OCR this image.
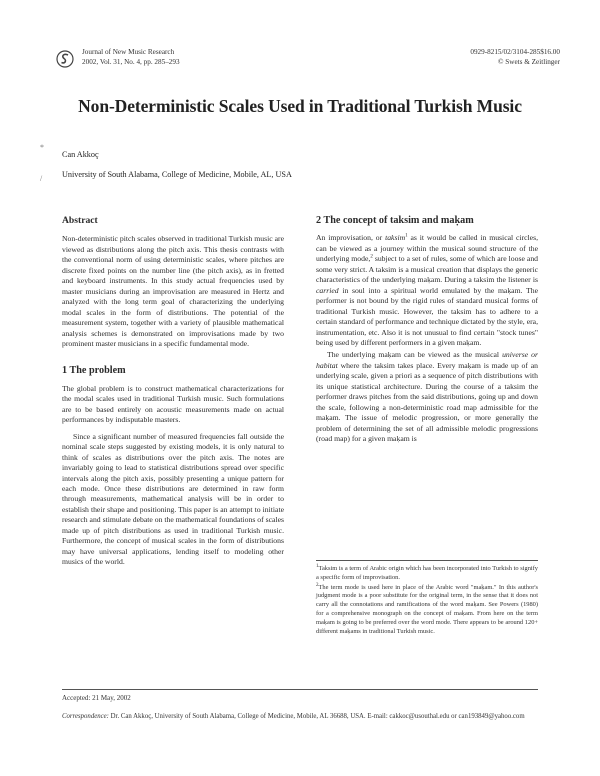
Journal of New Music Research
2002, Vol. 31, No. 4, pp. 285–293
0929-8215/02/3104-285$16.00
© Swets & Zeitlinger
Non-Deterministic Scales Used in Traditional Turkish Music
*
Can Akkoç
/ University of South Alabama, College of Medicine, Mobile, AL, USA
Abstract

Non-deterministic pitch scales observed in traditional Turkish music are viewed as distributions along the pitch axis. This thesis contrasts with the conventional norm of using deterministic scales, where pitches are discrete fixed points on the number line (the pitch axis), as in fretted and keyboard instruments. In this study actual frequencies used by master musicians during an improvisation are measured in Hertz and analyzed with the long term goal of characterizing the underlying modal scales in the form of distributions. The potential of the measurement system, together with a variety of plausible mathematical analysis schemes is demonstrated on improvisations made by two prominent master musicians in a specific fundamental mode.

1 The problem

The global problem is to construct mathematical characterizations for the modal scales used in traditional Turkish music. Such formulations are to be based entirely on acoustic measurements made on actual performances by indisputable masters.

Since a significant number of measured frequencies fall outside the nominal scale steps suggested by existing models, it is only natural to think of scales as distributions over the pitch axis. The notes are invariably going to lead to statistical distributions spread over specific intervals along the pitch axis, possibly presenting a unique pattern for each mode. Once these distributions are determined in raw form through measurements, mathematical analysis will be in order to establish their shape and positioning. This paper is an attempt to initiate research and stimulate debate on the mathematical foundations of scales made up of pitch distributions as used in traditional Turkish music. Furthermore, the concept of musical scales in the form of distributions may have universal applications, lending itself to modeling other musics of the world.

2 The concept of taksim and maḳam

An improvisation, or taksim$^1$ as it would be called in musical circles, can be viewed as a journey within the musical sound structure of the underlying mode,$^2$ subject to a set of rules, some of which are loose and some very strict. A taksim is a musical creation that displays the generic characteristics of the underlying maḳam. During a taksim the listener is carried in soul into a spiritual world emulated by the maḳam. The performer is not bound by the rigid rules of standard musical forms of traditional Turkish music. However, the taksim has to adhere to a certain standard of performance and technique dictated by the style, era, instrumentation, etc. Also it is not unusual to find certain "stock tunes" being used by different performers in a given maḳam.

The underlying maḳam can be viewed as the musical universe or habitat where the taksim takes place. Every maḳam is made up of an underlying scale, given a priori as a sequence of pitch distributions with its unique statistical architecture. During the course of a taksim the performer draws pitches from the said distributions, going up and down the scale, following a non-deterministic road map admissible for the maḳam. The issue of melodic progression, or more generally the problem of determining the set of all admissible melodic progressions (road map) for a given maḳam is

$^1$Taksim is a term of Arabic origin which has been incorporated into Turkish to signify a specific form of improvisation.

$^2$The term mode is used here in place of the Arabic word "maḳam." In this author's judgment mode is a poor substitute for the original term, in the sense that it does not carry all the connotations and ramifications of the word maḳam. See Powers (1980) for a comprehensive monograph on the concept of maḳam. From here on the term maḳam is going to be preferred over the word mode. There appears to be around 120+ different maḳams in traditional Turkish music.

Accepted: 21 May, 2002
Correspondence: Dr. Can Akkoç, University of South Alabama, College of Medicine, Mobile, AL 36688, USA. E-mail: cakkoc@usouthal.edu or can193849@yahoo.com
